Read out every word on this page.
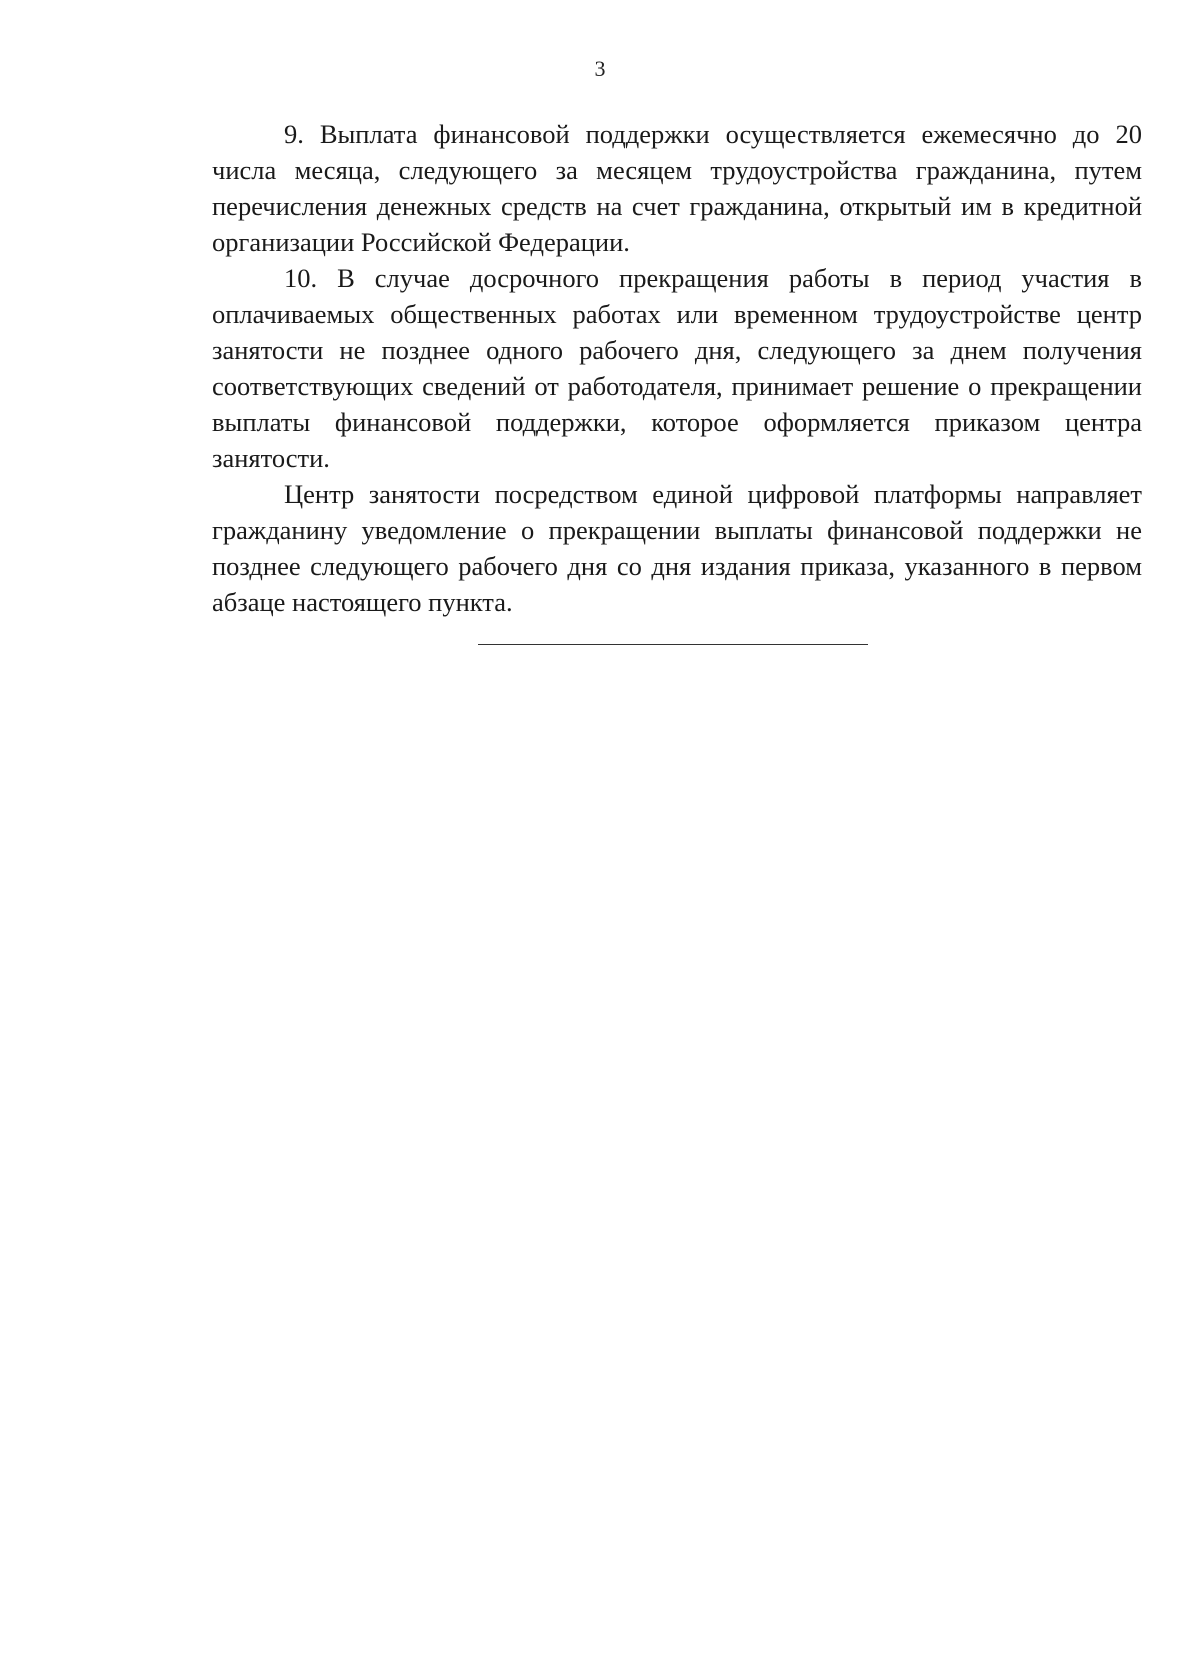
3

9. Выплата финансовой поддержки осуществляется ежемесячно до 20 числа месяца, следующего за месяцем трудоустройства гражданина, путем перечисления денежных средств на счет гражданина, открытый им в кредитной организации Российской Федерации.

10. В случае досрочного прекращения работы в период участия в оплачиваемых общественных работах или временном трудоустройстве центр занятости не позднее одного рабочего дня, следующего за днем получения соответствующих сведений от работодателя, принимает решение о прекращении выплаты финансовой поддержки, которое оформляется приказом центра занятости.

Центр занятости посредством единой цифровой платформы направляет гражданину уведомление о прекращении выплаты финансовой поддержки не позднее следующего рабочего дня со дня издания приказа, указанного в первом абзаце настоящего пункта.
